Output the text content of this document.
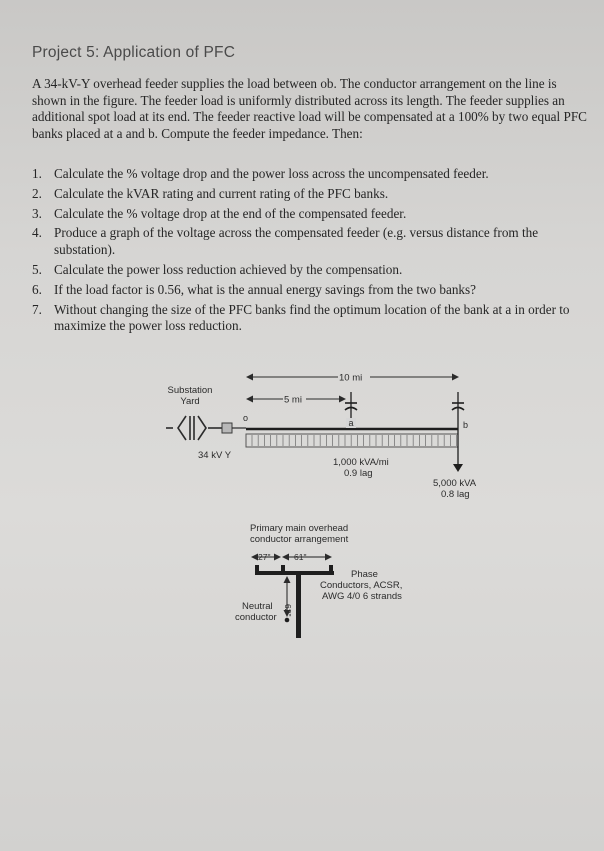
Project 5: Application of PFC
A 34-kV-Y overhead feeder supplies the load between ob. The conductor arrangement on the line is shown in the figure. The feeder load is uniformly distributed across its length. The feeder supplies an additional spot load at its end. The feeder reactive load will be compensated at a 100% by two equal PFC banks placed at a and b. Compute the feeder impedance. Then:
1. Calculate the % voltage drop and the power loss across the uncompensated feeder.
2. Calculate the kVAR rating and current rating of the PFC banks.
3. Calculate the % voltage drop at the end of the compensated feeder.
4. Produce a graph of the voltage across the compensated feeder (e.g. versus distance from the substation).
5. Calculate the power loss reduction achieved by the compensation.
6. If the load factor is 0.56, what is the annual energy savings from the two banks?
7. Without changing the size of the PFC banks find the optimum location of the bank at a in order to maximize the power loss reduction.
10 mi
5 mi
Substation
Yard
o	a	b
34 kV Y
1,000 kVA/mi
0.9 lag
5,000 kVA
0.8 lag
Primary main overhead
conductor arrangement
27"	61"
62"
Phase
Conductors, ACSR,
AWG 4/0 6 strands
Neutral
conductor
